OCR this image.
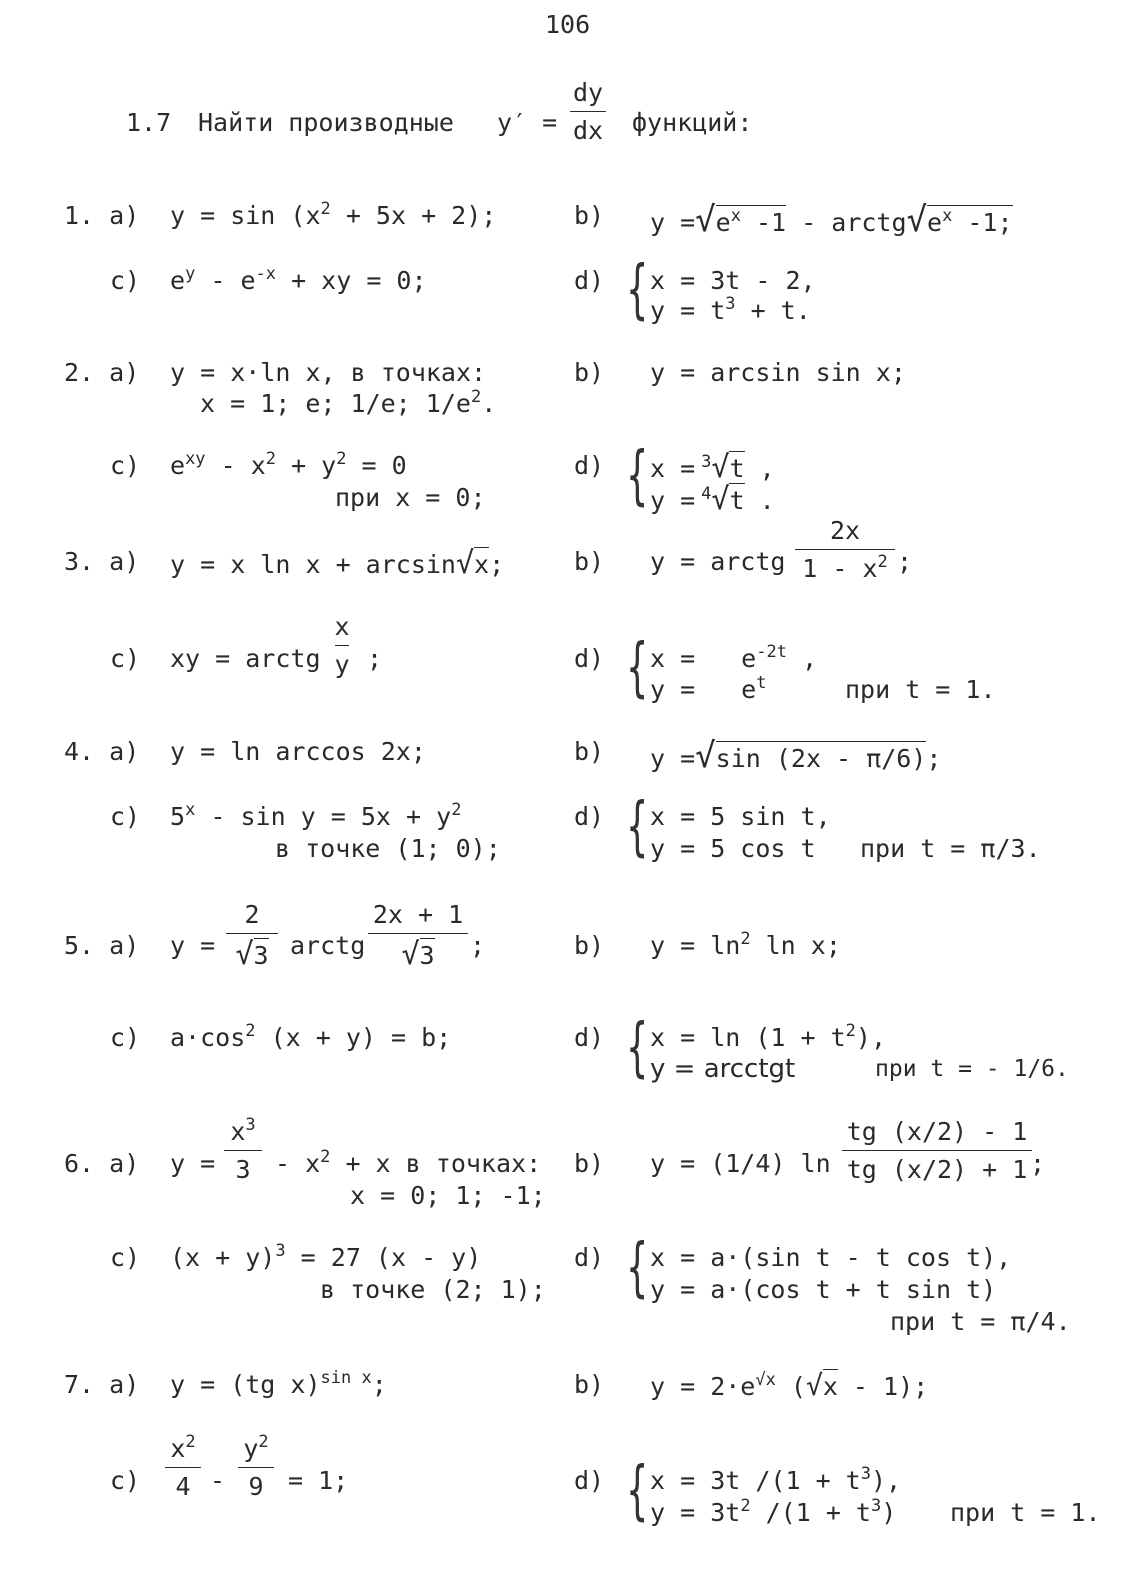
106
1.7 Найти производные y′ =
dy
dx функций:
1. a) $y = \sin (x^2 + 5x + 2)$;	b) $y =√e^x$ $-1 - arctg√e^x$ -1;
c) $e^y - e^{-x}$ + xy = 0;	d) { x = 3t - 2,
$y = t^3 + t$.
2. a) y = x·ln x, в точках:
x = 1; e; 1/e; $1/e^2$.
b) y = arcsin sin x;
c) $e^{xy} - x^2 + y^2 = 0$
при x = 0;
d) { x = $^3$√t ,
y = $^4$√t .
3. a) y = x ln x + arcsin√x;	b) y = arctg
2x
$1 - x^2$ ;
c) xy = arctg
x
y ;	d) { $x = e^{-2t}$ ,
$y = e^t$	при t = 1.
4. a) y = ln arccos 2x;	b) y =√sin (2x - π/6);
c) $5^x - \sin y = 5x + y^2$
в точке (1; 0);
d) { x = 5 sin t,
y = 5 cos t при t = π/3.
5. a) y =
2
√3 arctg
2x + 1
√3	;	b) $y = \ln^2 \ln x$;
c) $a\cdot\cos^2$ (x + y) = b;	d) { $x = \ln (1 + t^2)$,
y = arcctgt	при t = - 1/6.
6. a) y =
$x^3$
$3 - x^2 + x$ в точках:
x = 0; 1; -1;
b) y = (1/4) ln
tg (x/2) - 1
tg (x/2) + 1 ;
c) $(x + y)^3 = 27$ (x - y)
в точке (2; 1);
d) { x = a·(sin t - t cos t),
y = a·(cos t + t sin t)
при t = π/4.
7. a) y = (tg x)$^{sin x}$;	b) $y = 2\cdot e^{√x}$ (√x - 1);
c)
$x^2$
4 -
$y^2$
9 = 1;	d) { x = 3t $/(1 + t^3)$,
$y = 3t^2$ $/(1 + t^3)$ при t = 1.
